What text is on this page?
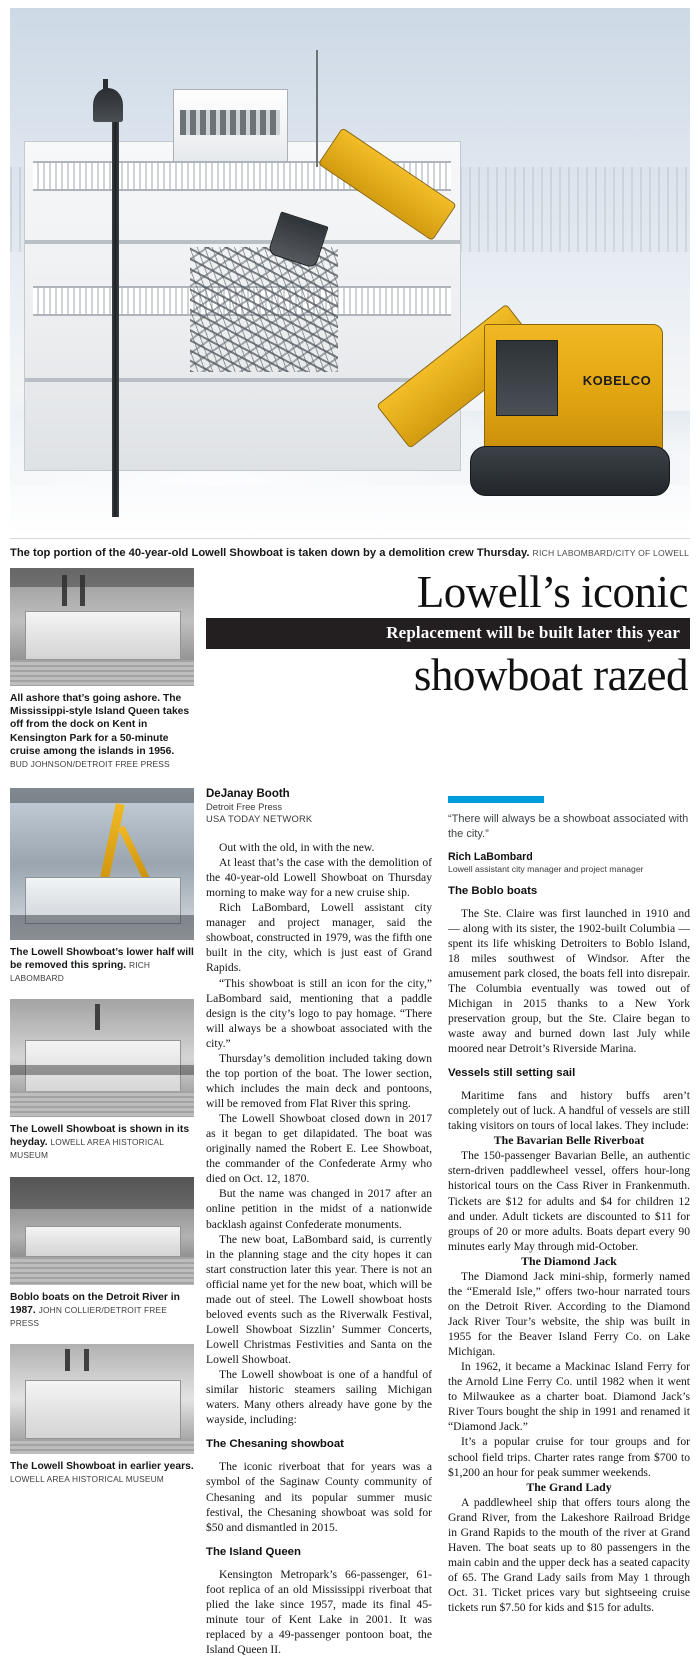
KOBELCO
The top portion of the 40-year-old Lowell Showboat is taken down by a demolition crew Thursday. RICH LABOMBARD/CITY OF LOWELL
All ashore that’s going ashore. The Mississippi-style Island Queen takes off from the dock on Kent in Kensington Park for a 50-minute cruise among the islands in 1956.
BUD JOHNSON/DETROIT FREE PRESS
Lowell’s iconic
Replacement will be built later this year
showboat razed
The Lowell Showboat’s lower half will be removed this spring. RICH LABOMBARD
The Lowell Showboat is shown in its heyday. LOWELL AREA HISTORICAL MUSEUM
Boblo boats on the Detroit River in 1987. JOHN COLLIER/DETROIT FREE PRESS
The Lowell Showboat in earlier years.
LOWELL AREA HISTORICAL MUSEUM
DeJanay Booth
Detroit Free Press
USA TODAY NETWORK

Out with the old, in with the new.

At least that’s the case with the demolition of the 40-year-old Lowell Showboat on Thursday morning to make way for a new cruise ship.

Rich LaBombard, Lowell assistant city manager and project manager, said the showboat, constructed in 1979, was the fifth one built in the city, which is just east of Grand Rapids.

“This showboat is still an icon for the city,” LaBombard said, mentioning that a paddle design is the city’s logo to pay homage. “There will always be a showboat associated with the city.”

Thursday’s demolition included taking down the top portion of the boat. The lower section, which includes the main deck and pontoons, will be removed from Flat River this spring.

The Lowell Showboat closed down in 2017 as it began to get dilapidated. The boat was originally named the Robert E. Lee Showboat, the commander of the Confederate Army who died on Oct. 12, 1870.

But the name was changed in 2017 after an online petition in the midst of a nationwide backlash against Confederate monuments.

The new boat, LaBombard said, is currently in the planning stage and the city hopes it can start construction later this year. There is not an official name yet for the new boat, which will be made out of steel. The Lowell showboat hosts beloved events such as the Riverwalk Festival, Lowell Showboat Sizzlin’ Summer Concerts, Lowell Christmas Festivities and Santa on the Lowell Showboat.

The Lowell showboat is one of a handful of similar historic steamers sailing Michigan waters. Many others already have gone by the wayside, including:

The Chesaning showboat

The iconic riverboat that for years was a symbol of the Saginaw County community of Chesaning and its popular summer music festival, the Chesaning showboat was sold for $50 and dismantled in 2015.

The Island Queen

Kensington Metropark’s 66-passenger, 61-foot replica of an old Mississippi riverboat that plied the lake since 1957, made its final 45-minute tour of Kent Lake in 2001. It was replaced by a 49-passenger pontoon boat, the Island Queen II.

“There will always be a showboat associated with the city.”
Rich LaBombard
Lowell assistant city manager and project manager
The Boblo boats

The Ste. Claire was first launched in 1910 and — along with its sister, the 1902-built Columbia — spent its life whisking Detroiters to Boblo Island, 18 miles southwest of Windsor. After the amusement park closed, the boats fell into disrepair. The Columbia eventually was towed out of Michigan in 2015 thanks to a New York preservation group, but the Ste. Claire began to waste away and burned down last July while moored near Detroit’s Riverside Marina.

Vessels still setting sail

Maritime fans and history buffs aren’t completely out of luck. A handful of vessels are still taking visitors on tours of local lakes. They include:

The Bavarian Belle Riverboat

The 150-passenger Bavarian Belle, an authentic stern-driven paddlewheel vessel, offers hour-long historical tours on the Cass River in Frankenmuth. Tickets are $12 for adults and $4 for children 12 and under. Adult tickets are discounted to $11 for groups of 20 or more adults. Boats depart every 90 minutes early May through mid-October.

The Diamond Jack

The Diamond Jack mini-ship, formerly named the “Emerald Isle,” offers two-hour narrated tours on the Detroit River. According to the Diamond Jack River Tour’s website, the ship was built in 1955 for the Beaver Island Ferry Co. on Lake Michigan.

In 1962, it became a Mackinac Island Ferry for the Arnold Line Ferry Co. until 1982 when it went to Milwaukee as a charter boat. Diamond Jack’s River Tours bought the ship in 1991 and renamed it “Diamond Jack.”

It’s a popular cruise for tour groups and for school field trips. Charter rates range from $700 to $1,200 an hour for peak summer weekends.

The Grand Lady

A paddlewheel ship that offers tours along the Grand River, from the Lakeshore Railroad Bridge in Grand Rapids to the mouth of the river at Grand Haven. The boat seats up to 80 passengers in the main cabin and the upper deck has a seated capacity of 65. The Grand Lady sails from May 1 through Oct. 31. Ticket prices vary but sightseeing cruise tickets run $7.50 for kids and $15 for adults.
